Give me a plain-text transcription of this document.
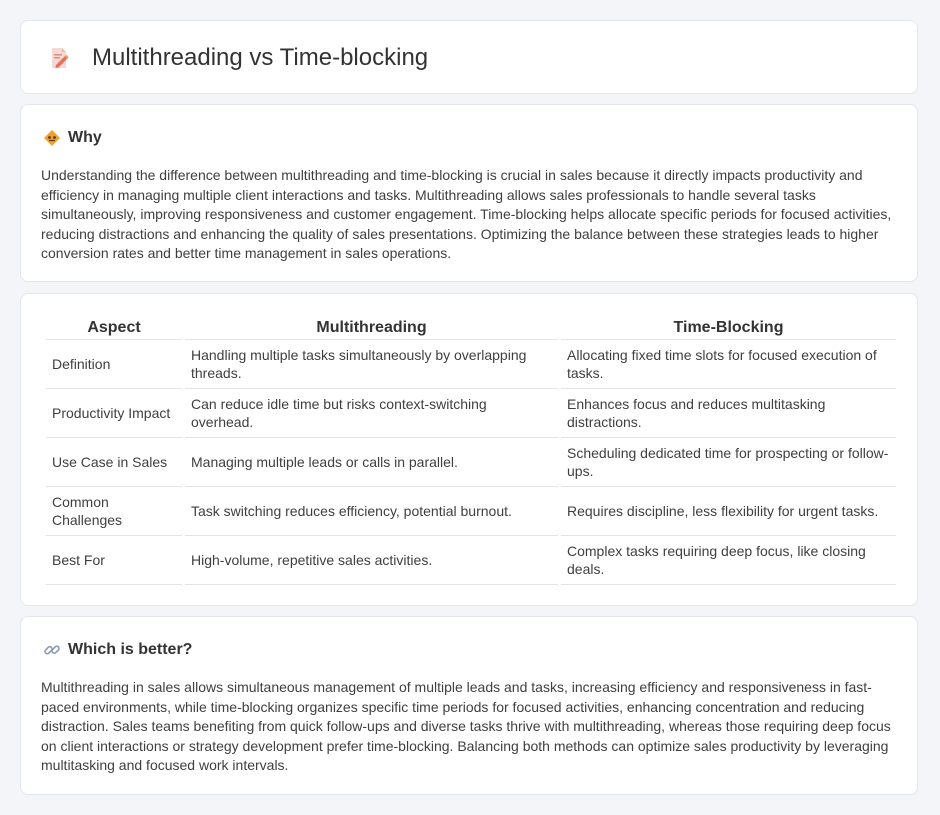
Multithreading vs Time-blocking
Why

Understanding the difference between multithreading and time-blocking is crucial in sales because it directly impacts productivity and efficiency in managing multiple client interactions and tasks. Multithreading allows sales professionals to handle several tasks simultaneously, improving responsiveness and customer engagement. Time-blocking helps allocate specific periods for focused activities, reducing distractions and enhancing the quality of sales presentations. Optimizing the balance between these strategies leads to higher conversion rates and better time management in sales operations.

Aspect	Multithreading	Time-Blocking
Definition	Handling multiple tasks simultaneously by overlapping threads.	Allocating fixed time slots for focused execution of tasks.
Productivity Impact	Can reduce idle time but risks context-switching overhead.	Enhances focus and reduces multitasking distractions.
Use Case in Sales	Managing multiple leads or calls in parallel.	Scheduling dedicated time for prospecting or follow-ups.
Common Challenges	Task switching reduces efficiency, potential burnout.	Requires discipline, less flexibility for urgent tasks.
Best For	High-volume, repetitive sales activities.	Complex tasks requiring deep focus, like closing deals.
Which is better?

Multithreading in sales allows simultaneous management of multiple leads and tasks, increasing efficiency and responsiveness in fast-paced environments, while time-blocking organizes specific time periods for focused activities, enhancing concentration and reducing distraction. Sales teams benefiting from quick follow-ups and diverse tasks thrive with multithreading, whereas those requiring deep focus on client interactions or strategy development prefer time-blocking. Balancing both methods can optimize sales productivity by leveraging multitasking and focused work intervals.
